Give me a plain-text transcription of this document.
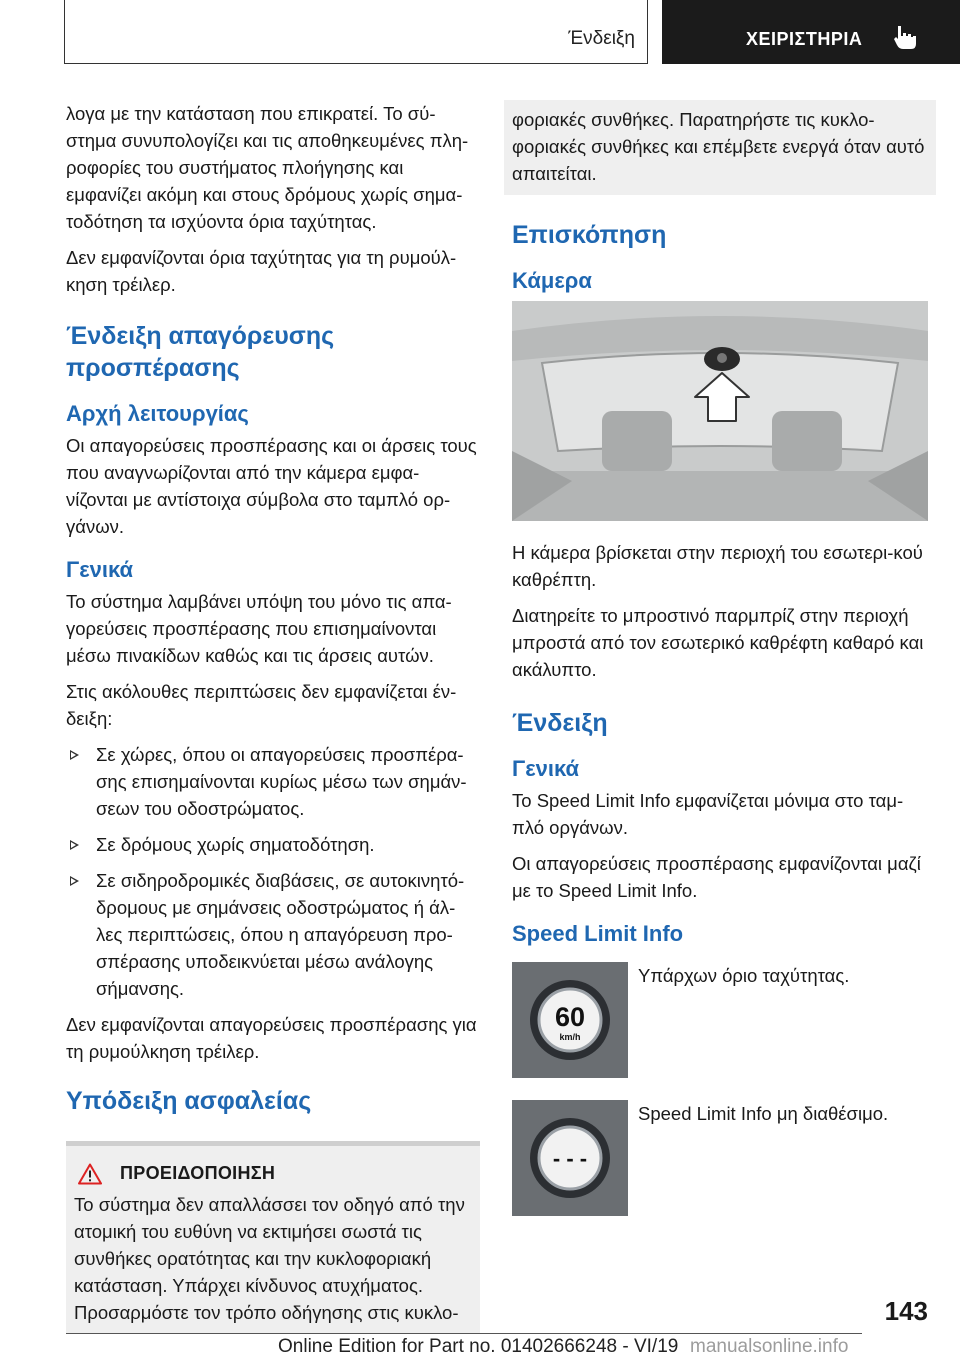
Ένδειξη	ΧΕΙΡΙΣΤΗΡΙΑ

λογα με την κατάσταση που επικρατεί. Το σύ-στημα συνυπολογίζει και τις αποθηκευμένες πλη-ροφορίες του συστήματος πλοήγησης και εμφανίζει ακόμη και στους δρόμους χωρίς σημα-τοδότηση τα ισχύοντα όρια ταχύτητας.

Δεν εμφανίζονται όρια ταχύτητας για τη ρυμούλ-κηση τρέιλερ.

Ένδειξη απαγόρευσης προσπέρασης
Αρχή λειτουργίας

Οι απαγορεύσεις προσπέρασης και οι άρσεις τους που αναγνωρίζονται από την κάμερα εμφα-νίζονται με αντίστοιχα σύμβολα στο ταμπλό ορ-γάνων.

Γενικά

Το σύστημα λαμβάνει υπόψη του μόνο τις απα-γορεύσεις προσπέρασης που επισημαίνονται μέσω πινακίδων καθώς και τις άρσεις αυτών.

Στις ακόλουθες περιπτώσεις δεν εμφανίζεται έν-δειξη:

Σε χώρες, όπου οι απαγορεύσεις προσπέρα-σης επισημαίνονται κυρίως μέσω των σημάν-σεων του οδοστρώματος.
Σε δρόμους χωρίς σηματοδότηση.
Σε σιδηροδρομικές διαβάσεις, σε αυτοκινητό-δρομους με σημάνσεις οδοστρώματος ή άλ-λες περιπτώσεις, όπου η απαγόρευση προ-σπέρασης υποδεικνύεται μέσω ανάλογης σήμανσης.

Δεν εμφανίζονται απαγορεύσεις προσπέρασης για τη ρυμούλκηση τρέιλερ.

Υπόδειξη ασφαλείας
ΠΡΟΕΙΔΟΠΟΙΗΣΗ

Το σύστημα δεν απαλλάσσει τον οδηγό από την ατομική του ευθύνη να εκτιμήσει σωστά τις συνθήκες ορατότητας και την κυκλοφοριακή κατάσταση. Υπάρχει κίνδυνος ατυχήματος. Προσαρμόστε τον τρόπο οδήγησης στις κυκλο-

φοριακές συνθήκες. Παρατηρήστε τις κυκλο-φοριακές συνθήκες και επέμβετε ενεργά όταν αυτό απαιτείται.

Επισκόπηση
Κάμερα

Η κάμερα βρίσκεται στην περιοχή του εσωτερι-κού καθρέπτη.

Διατηρείτε το μπροστινό παρμπρίζ στην περιοχή μπροστά από τον εσωτερικό καθρέφτη καθαρό και ακάλυπτο.

Ένδειξη
Γενικά

Το Speed Limit Info εμφανίζεται μόνιμα στο ταμ-πλό οργάνων.

Οι απαγορεύσεις προσπέρασης εμφανίζονται μαζί με το Speed Limit Info.

Speed Limit Info
60
km/h
Υπάρχων όριο ταχύτητας.
- - -
Speed Limit Info μη διαθέσιμο.
143
Online Edition for Part no. 01402666248 - VI/19 manualsonline.info
